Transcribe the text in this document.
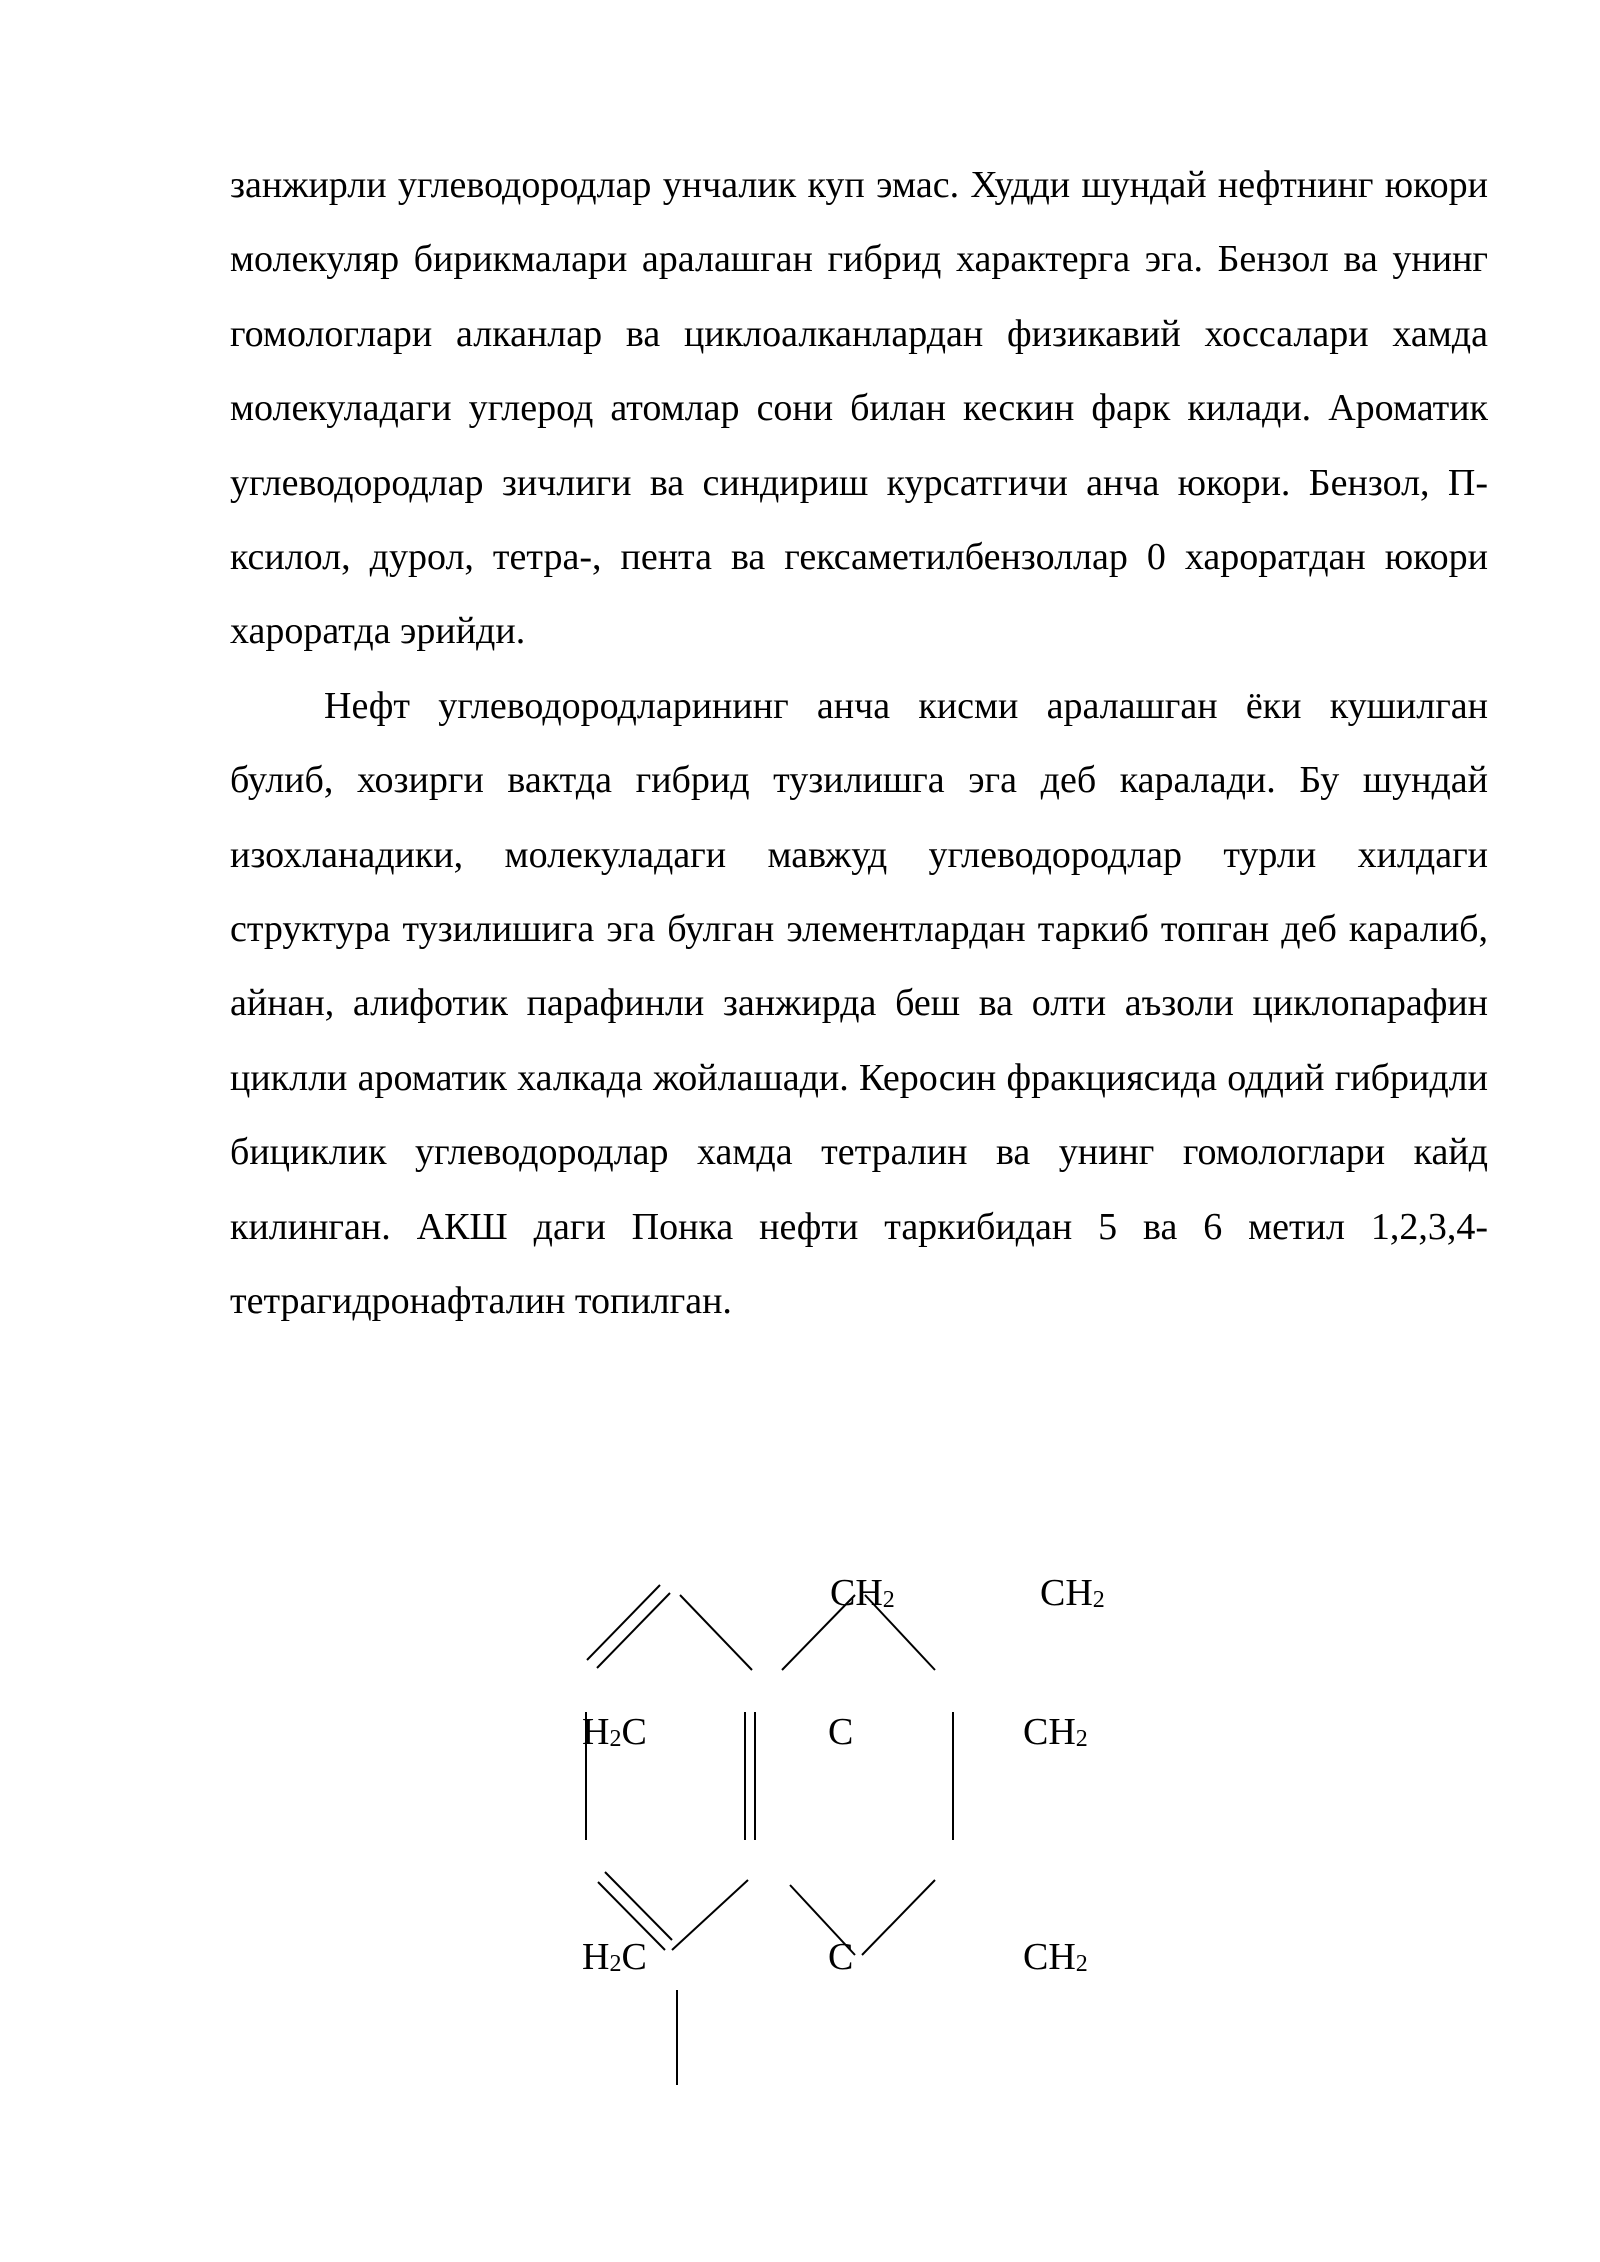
занжирли углеводородлар унчалик куп эмас. Худди шундай нефтнинг юкори молекуляр бирикмалари аралашган гибрид характерга эга. Бензол ва унинг гомологлари алканлар ва циклоалканлардан физикавий хоссалари хамда молекуладаги углерод атомлар сони билан кескин фарк килади. Ароматик углеводородлар зичлиги ва синдириш курсатгичи анча юкори. Бензол, П-ксилол, дурол, тетра-, пента ва гексаметилбензоллар 0 хароратдан юкори хароратда эрийди.

Нефт углеводородларининг анча кисми аралашган ёки кушилган булиб, хозирги вактда гибрид тузилишга эга деб каралади. Бу шундай изохланадики, молекуладаги мавжуд углеводородлар турли хилдаги структура тузилишига эга булган элементлардан таркиб топган деб каралиб, айнан, алифотик парафинли занжирда беш ва олти аъзоли циклопарафин циклли ароматик халкада жойлашади. Керосин фракциясида оддий гибридли бициклик углеводородлар хамда тетралин ва унинг гомологлари кайд килинган. АКШ даги Понка нефти таркибидан 5 ва 6 метил 1,2,3,4-тетрагидронафталин топилган.

CH2	CH2
H2C	C	CH2
H2C	C	CH2
